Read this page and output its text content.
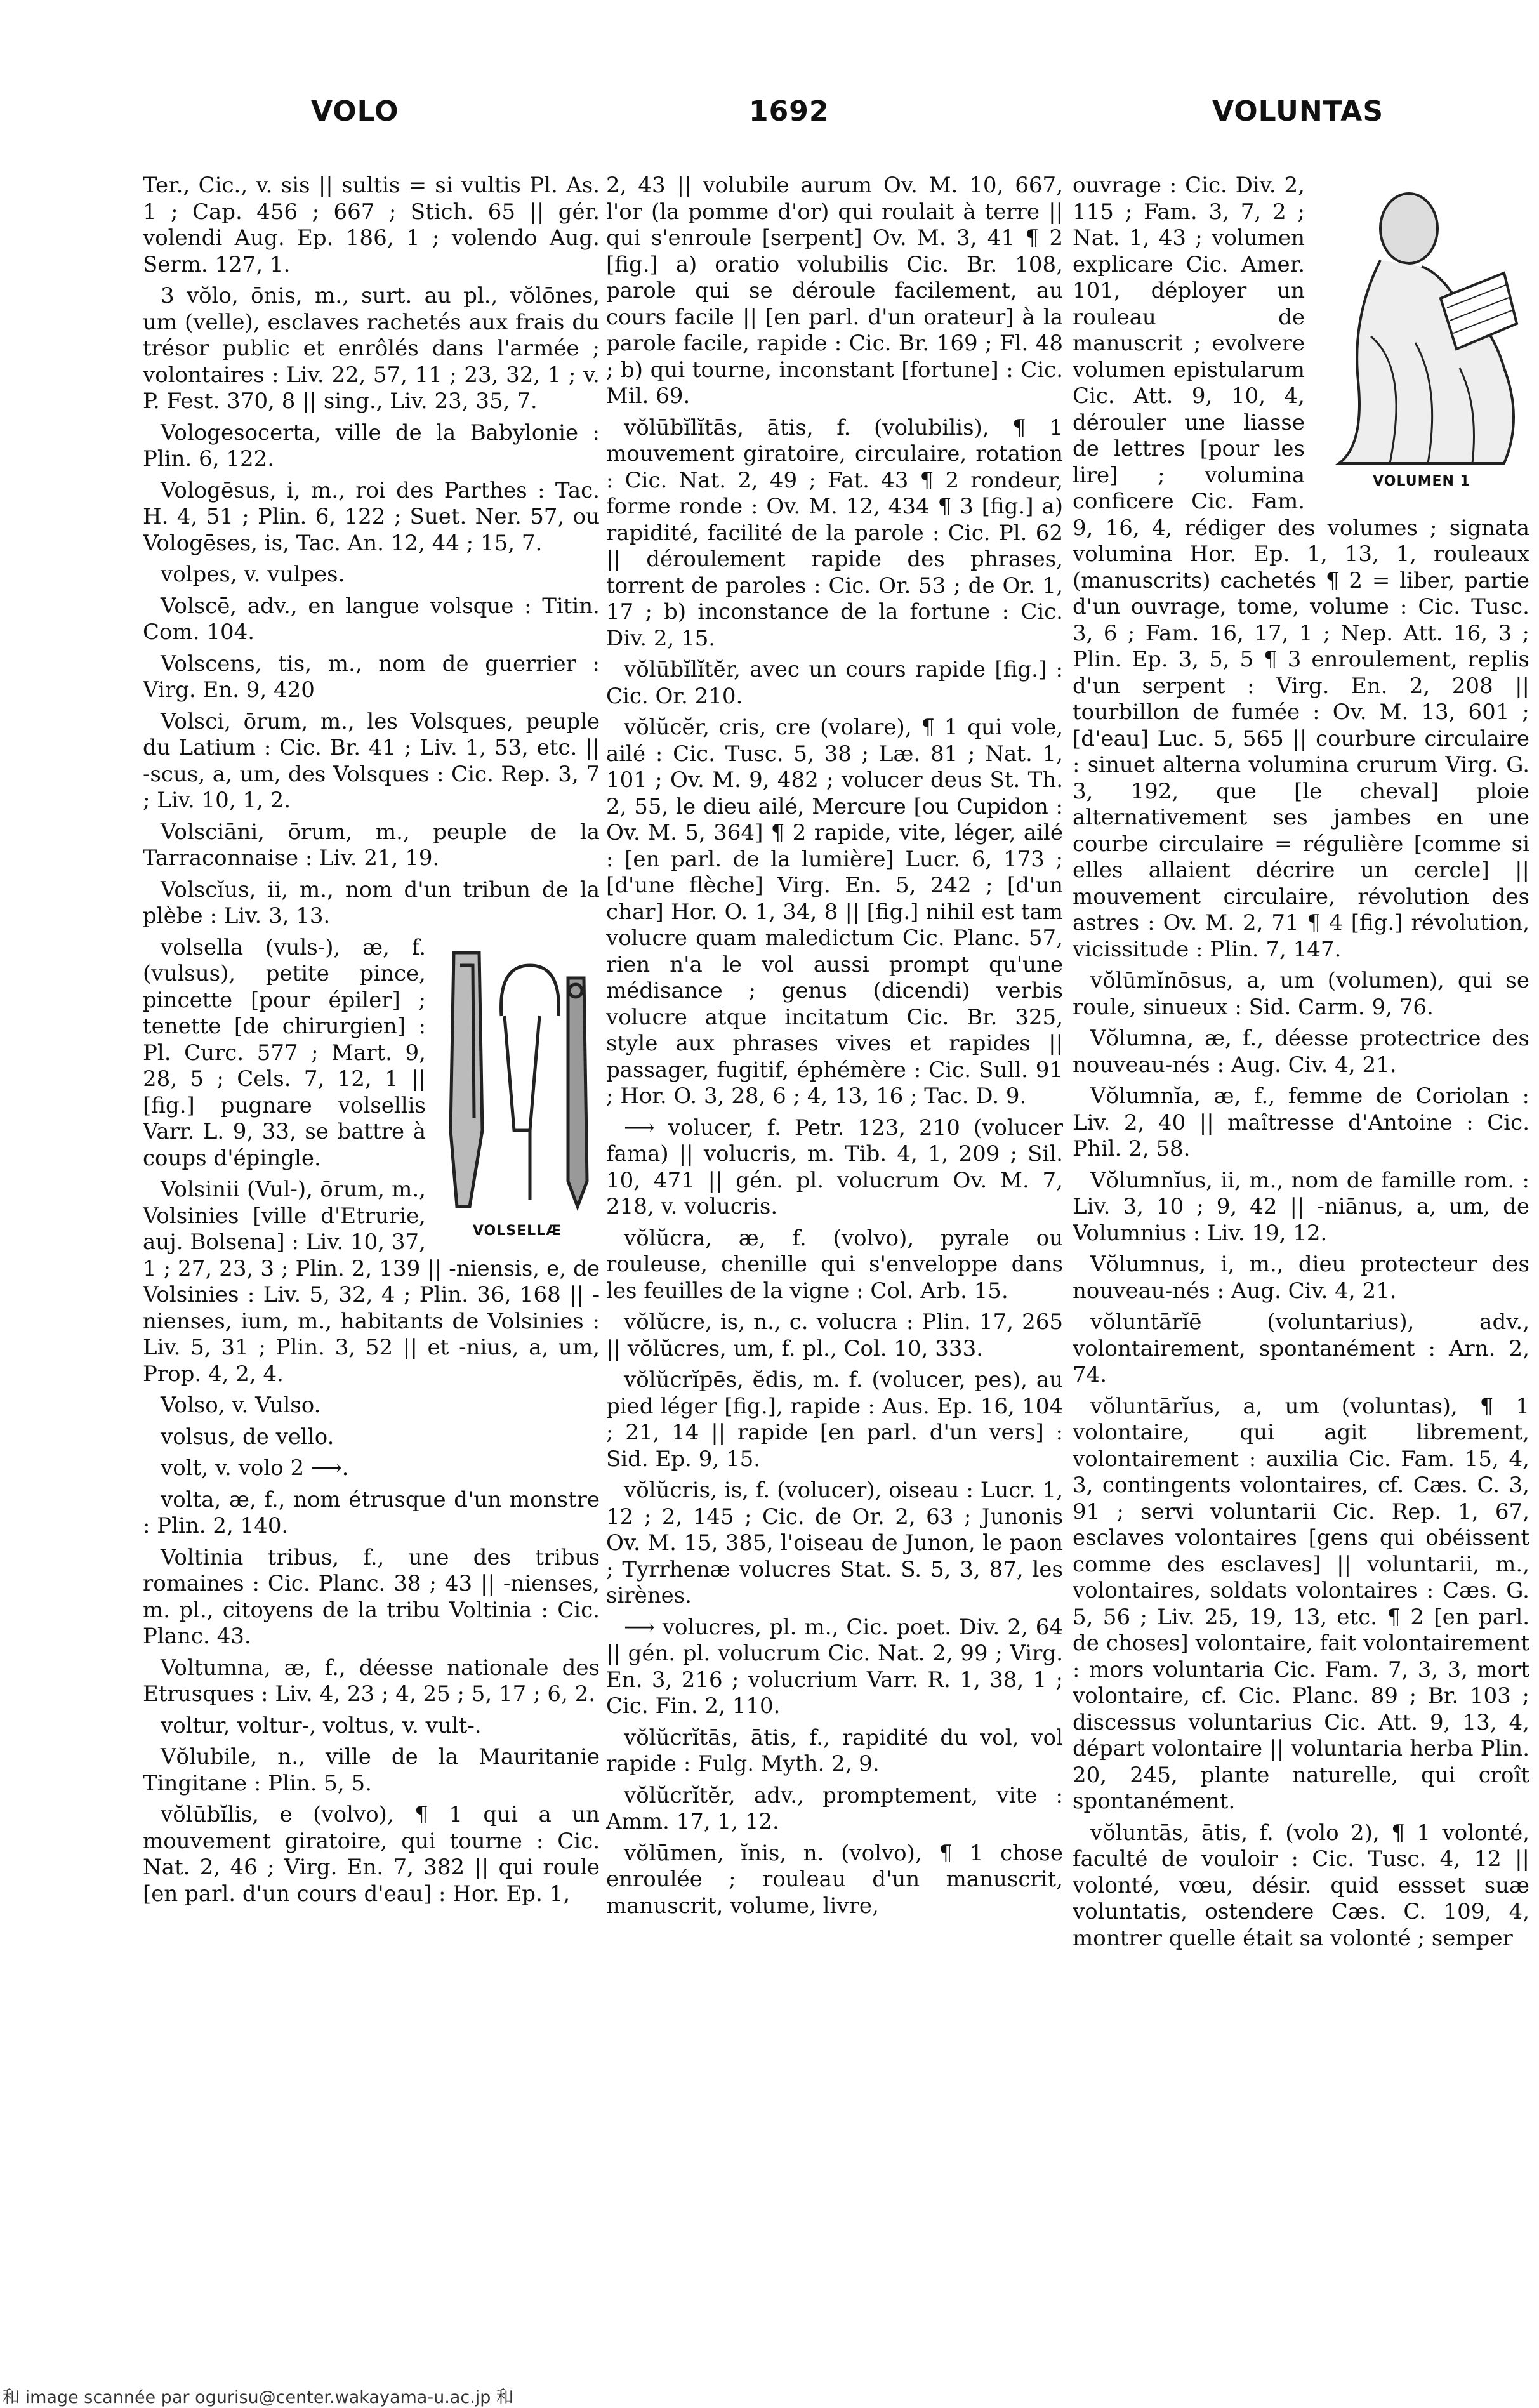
VOLO	1692	VOLUNTAS

Ter., Cic., v. sis || sultis = si vultis Pl. As. 1 ; Cap. 456 ; 667 ; Stich. 65 || gér. volendi Aug. Ep. 186, 1 ; volendo Aug. Serm. 127, 1.

3 vŏlo, ōnis, m., surt. au pl., vŏlōnes, um (velle), esclaves rachetés aux frais du trésor public et enrôlés dans l'armée ; volontaires : Liv. 22, 57, 11 ; 23, 32, 1 ; v. P. Fest. 370, 8 || sing., Liv. 23, 35, 7.

Vologesocerta, ville de la Babylonie : Plin. 6, 122.

Vologēsus, i, m., roi des Parthes : Tac. H. 4, 51 ; Plin. 6, 122 ; Suet. Ner. 57, ou Vologēses, is, Tac. An. 12, 44 ; 15, 7.

volpes, v. vulpes.

Volscē, adv., en langue volsque : Titin. Com. 104.

Volscens, tis, m., nom de guerrier : Virg. En. 9, 420

Volsci, ōrum, m., les Volsques, peuple du Latium : Cic. Br. 41 ; Liv. 1, 53, etc. || -scus, a, um, des Volsques : Cic. Rep. 3, 7 ; Liv. 10, 1, 2.

Volsciāni, ōrum, m., peuple de la Tarraconnaise : Liv. 21, 19.

Volscĭus, ii, m., nom d'un tribun de la plèbe : Liv. 3, 13.

VOLSELLÆ

volsella (vuls-), æ, f. (vulsus), petite pince, pincette [pour épiler] ; tenette [de chirurgien] : Pl. Curc. 577 ; Mart. 9, 28, 5 ; Cels. 7, 12, 1 || [fig.] pugnare volsellis Varr. L. 9, 33, se battre à coups d'épingle.

Volsinii (Vul-), ōrum, m., Volsinies [ville d'Etrurie, auj. Bolsena] : Liv. 10, 37, 1 ; 27, 23, 3 ; Plin. 2, 139 || -niensis, e, de Volsinies : Liv. 5, 32, 4 ; Plin. 36, 168 || -nienses, ium, m., habitants de Volsinies : Liv. 5, 31 ; Plin. 3, 52 || et -nius, a, um, Prop. 4, 2, 4.

Volso, v. Vulso.

volsus, de vello.

volt, v. volo 2 ⟶.

volta, æ, f., nom étrusque d'un monstre : Plin. 2, 140.

Voltinia tribus, f., une des tribus romaines : Cic. Planc. 38 ; 43 || -nienses, m. pl., citoyens de la tribu Voltinia : Cic. Planc. 43.

Voltumna, æ, f., déesse nationale des Etrusques : Liv. 4, 23 ; 4, 25 ; 5, 17 ; 6, 2.

voltur, voltur-, voltus, v. vult-.

Vŏlubile, n., ville de la Mauritanie Tingitane : Plin. 5, 5.

vŏlūbĭlis, e (volvo), ¶ 1 qui a un mouvement giratoire, qui tourne : Cic. Nat. 2, 46 ; Virg. En. 7, 382 || qui roule [en parl. d'un cours d'eau] : Hor. Ep. 1,

2, 43 || volubile aurum Ov. M. 10, 667, l'or (la pomme d'or) qui roulait à terre || qui s'enroule [serpent] Ov. M. 3, 41 ¶ 2 [fig.] a) oratio volubilis Cic. Br. 108, parole qui se déroule facilement, au cours facile || [en parl. d'un orateur] à la parole facile, rapide : Cic. Br. 169 ; Fl. 48 ; b) qui tourne, inconstant [fortune] : Cic. Mil. 69.

vŏlūbĭlĭtās, ātis, f. (volubilis), ¶ 1 mouvement giratoire, circulaire, rotation : Cic. Nat. 2, 49 ; Fat. 43 ¶ 2 rondeur, forme ronde : Ov. M. 12, 434 ¶ 3 [fig.] a) rapidité, facilité de la parole : Cic. Pl. 62 || déroulement rapide des phrases, torrent de paroles : Cic. Or. 53 ; de Or. 1, 17 ; b) inconstance de la fortune : Cic. Div. 2, 15.

vŏlūbĭlĭtĕr, avec un cours rapide [fig.] : Cic. Or. 210.

vŏlŭcĕr, cris, cre (volare), ¶ 1 qui vole, ailé : Cic. Tusc. 5, 38 ; Læ. 81 ; Nat. 1, 101 ; Ov. M. 9, 482 ; volucer deus St. Th. 2, 55, le dieu ailé, Mercure [ou Cupidon : Ov. M. 5, 364] ¶ 2 rapide, vite, léger, ailé : [en parl. de la lumière] Lucr. 6, 173 ; [d'une flèche] Virg. En. 5, 242 ; [d'un char] Hor. O. 1, 34, 8 || [fig.] nihil est tam volucre quam maledictum Cic. Planc. 57, rien n'a le vol aussi prompt qu'une médisance ; genus (dicendi) verbis volucre atque incitatum Cic. Br. 325, style aux phrases vives et rapides || passager, fugitif, éphémère : Cic. Sull. 91 ; Hor. O. 3, 28, 6 ; 4, 13, 16 ; Tac. D. 9.

⟶ volucer, f. Petr. 123, 210 (volucer fama) || volucris, m. Tib. 4, 1, 209 ; Sil. 10, 471 || gén. pl. volucrum Ov. M. 7, 218, v. volucris.

vŏlŭcra, æ, f. (volvo), pyrale ou rouleuse, chenille qui s'enveloppe dans les feuilles de la vigne : Col. Arb. 15.

vŏlŭcre, is, n., c. volucra : Plin. 17, 265 || vŏlŭcres, um, f. pl., Col. 10, 333.

vŏlŭcrĭpēs, ĕdis, m. f. (volucer, pes), au pied léger [fig.], rapide : Aus. Ep. 16, 104 ; 21, 14 || rapide [en parl. d'un vers] : Sid. Ep. 9, 15.

vŏlŭcris, is, f. (volucer), oiseau : Lucr. 1, 12 ; 2, 145 ; Cic. de Or. 2, 63 ; Junonis Ov. M. 15, 385, l'oiseau de Junon, le paon ; Tyrrhenæ volucres Stat. S. 5, 3, 87, les sirènes.

⟶ volucres, pl. m., Cic. poet. Div. 2, 64 || gén. pl. volucrum Cic. Nat. 2, 99 ; Virg. En. 3, 216 ; volucrium Varr. R. 1, 38, 1 ; Cic. Fin. 2, 110.

vŏlŭcrĭtās, ātis, f., rapidité du vol, vol rapide : Fulg. Myth. 2, 9.

vŏlŭcrĭtĕr, adv., promptement, vite : Amm. 17, 1, 12.

vŏlūmen, ĭnis, n. (volvo), ¶ 1 chose enroulée ; rouleau d'un manuscrit, manuscrit, volume, livre,

VOLUMEN 1

ouvrage : Cic. Div. 2, 115 ; Fam. 3, 7, 2 ; Nat. 1, 43 ; volumen explicare Cic. Amer. 101, déployer un rouleau de manuscrit ; evolvere volumen epistularum Cic. Att. 9, 10, 4, dérouler une liasse de lettres [pour les lire] ; volumina conficere Cic. Fam. 9, 16, 4, rédiger des volumes ; signata volumina Hor. Ep. 1, 13, 1, rouleaux (manuscrits) cachetés ¶ 2 = liber, partie d'un ouvrage, tome, volume : Cic. Tusc. 3, 6 ; Fam. 16, 17, 1 ; Nep. Att. 16, 3 ; Plin. Ep. 3, 5, 5 ¶ 3 enroulement, replis d'un serpent : Virg. En. 2, 208 || tourbillon de fumée : Ov. M. 13, 601 ; [d'eau] Luc. 5, 565 || courbure circulaire : sinuet alterna volumina crurum Virg. G. 3, 192, que [le cheval] ploie alternativement ses jambes en une courbe circulaire = régulière [comme si elles allaient décrire un cercle] || mouvement circulaire, révolution des astres : Ov. M. 2, 71 ¶ 4 [fig.] révolution, vicissitude : Plin. 7, 147.

vŏlūmĭnōsus, a, um (volumen), qui se roule, sinueux : Sid. Carm. 9, 76.

Vŏlumna, æ, f., déesse protectrice des nouveau-nés : Aug. Civ. 4, 21.

Vŏlumnĭa, æ, f., femme de Coriolan : Liv. 2, 40 || maîtresse d'Antoine : Cic. Phil. 2, 58.

Vŏlumnĭus, ii, m., nom de famille rom. : Liv. 3, 10 ; 9, 42 || -niānus, a, um, de Volumnius : Liv. 19, 12.

Vŏlumnus, i, m., dieu protecteur des nouveau-nés : Aug. Civ. 4, 21.

vŏluntārĭē (voluntarius), adv., volontairement, spontanément : Arn. 2, 74.

vŏluntārĭus, a, um (voluntas), ¶ 1 volontaire, qui agit librement, volontairement : auxilia Cic. Fam. 15, 4, 3, contingents volontaires, cf. Cæs. C. 3, 91 ; servi voluntarii Cic. Rep. 1, 67, esclaves volontaires [gens qui obéissent comme des esclaves] || voluntarii, m., volontaires, soldats volontaires : Cæs. G. 5, 56 ; Liv. 25, 19, 13, etc. ¶ 2 [en parl. de choses] volontaire, fait volontairement : mors voluntaria Cic. Fam. 7, 3, 3, mort volontaire, cf. Cic. Planc. 89 ; Br. 103 ; discessus voluntarius Cic. Att. 9, 13, 4, départ volontaire || voluntaria herba Plin. 20, 245, plante naturelle, qui croît spontanément.

vŏluntās, ātis, f. (volo 2), ¶ 1 volonté, faculté de vouloir : Cic. Tusc. 4, 12 || volonté, vœu, désir. quid essset suæ voluntatis, ostendere Cæs. C. 109, 4, montrer quelle était sa volonté ; semper

和 image scannée par ogurisu@center.wakayama-u.ac.jp 和
